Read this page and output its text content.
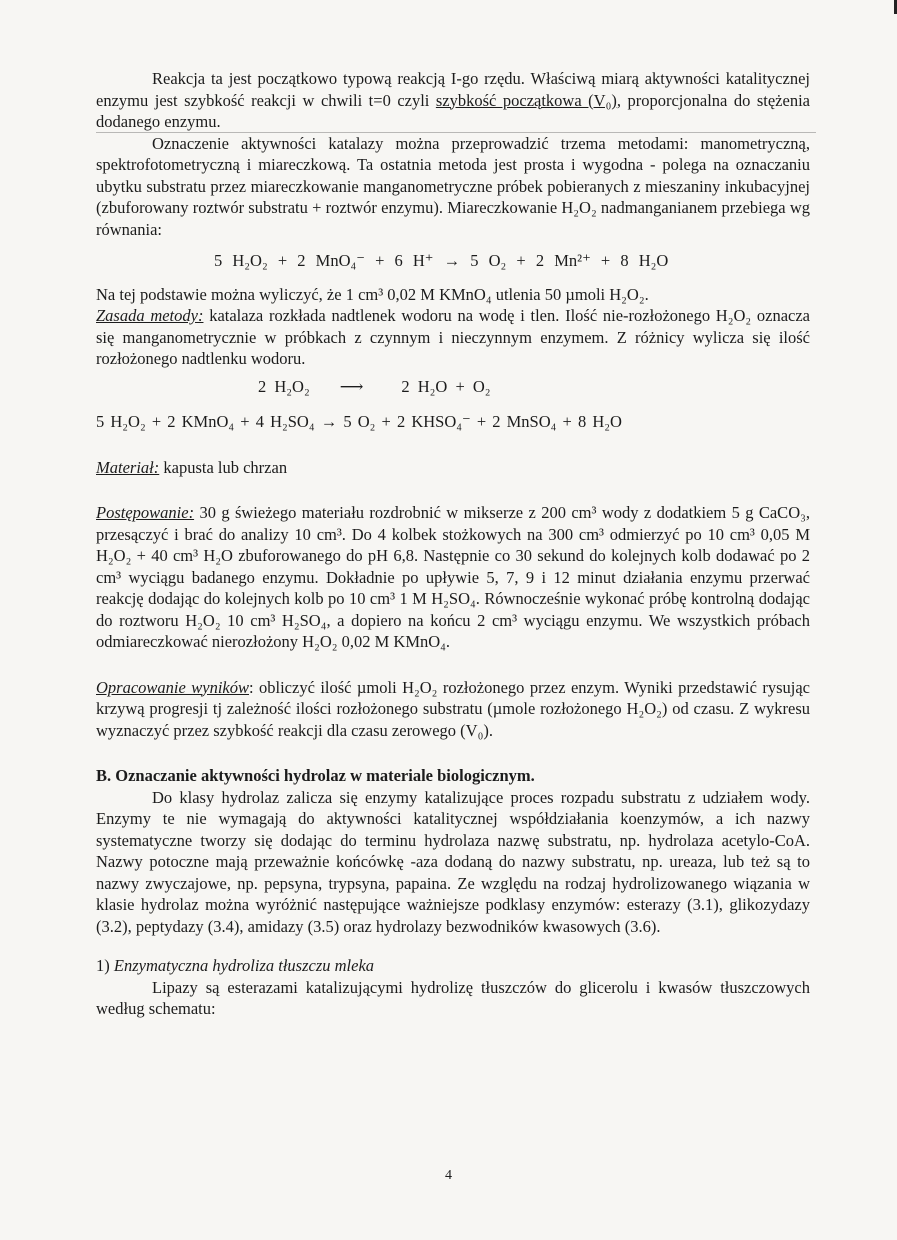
Reakcja ta jest początkowo typową reakcją I-go rzędu. Właściwą miarą aktywności katalitycznej enzymu jest szybkość reakcji w chwili t=0 czyli szybkość początkowa (V₀), proporcjonalna do stężenia dodanego enzymu.

Oznaczenie aktywności katalazy można przeprowadzić trzema metodami: manometryczną, spektrofotometryczną i miareczkową. Ta ostatnia metoda jest prosta i wygodna - polega na oznaczaniu ubytku substratu przez miareczkowanie manganometryczne próbek pobieranych z mieszaniny inkubacyjnej (zbuforowany roztwór substratu + roztwór enzymu). Miareczkowanie H₂O₂ nadmanganianem przebiega wg równania:

5 H₂O₂ + 2 MnO₄⁻ + 6 H⁺ → 5 O₂ + 2 Mn²⁺ + 8 H₂O

Na tej podstawie można wyliczyć, że 1 cm³ 0,02 M KMnO₄ utlenia 50 µmoli H₂O₂.

Zasada metody: katalaza rozkłada nadtlenek wodoru na wodę i tlen. Ilość nie-rozłożonego H₂O₂ oznacza się manganometrycznie w próbkach z czynnym i nieczynnym enzymem. Z różnicy wylicza się ilość rozłożonego nadtlenku wodoru.

2 H₂O₂ ⟶ 2 H₂O + O₂
5 H₂O₂ + 2 KMnO₄ + 4 H₂SO₄ → 5 O₂ + 2 KHSO₄⁻ + 2 MnSO₄ + 8 H₂O

Materiał: kapusta lub chrzan

Postępowanie: 30 g świeżego materiału rozdrobnić w mikserze z 200 cm³ wody z dodatkiem 5 g CaCO₃, przesączyć i brać do analizy 10 cm³. Do 4 kolbek stożkowych na 300 cm³ odmierzyć po 10 cm³ 0,05 M H₂O₂ + 40 cm³ H₂O zbuforowanego do pH 6,8. Następnie co 30 sekund do kolejnych kolb dodawać po 2 cm³ wyciągu badanego enzymu. Dokładnie po upływie 5, 7, 9 i 12 minut działania enzymu przerwać reakcję dodając do kolejnych kolb po 10 cm³ 1 M H₂SO₄. Równocześnie wykonać próbę kontrolną dodając do roztworu H₂O₂ 10 cm³ H₂SO₄, a dopiero na końcu 2 cm³ wyciągu enzymu. We wszystkich próbach odmiareczkować nierozłożony H₂O₂ 0,02 M KMnO₄.

Opracowanie wyników: obliczyć ilość µmoli H₂O₂ rozłożonego przez enzym. Wyniki przedstawić rysując krzywą progresji tj zależność ilości rozłożonego substratu (µmole rozłożonego H₂O₂) od czasu. Z wykresu wyznaczyć przez szybkość reakcji dla czasu zerowego (V₀).

B. Oznaczanie aktywności hydrolaz w materiale biologicznym.

Do klasy hydrolaz zalicza się enzymy katalizujące proces rozpadu substratu z udziałem wody. Enzymy te nie wymagają do aktywności katalitycznej współdziałania koenzymów, a ich nazwy systematyczne tworzy się dodając do terminu hydrolaza nazwę substratu, np. hydrolaza acetylo-CoA. Nazwy potoczne mają przeważnie końcówkę -aza dodaną do nazwy substratu, np. ureaza, lub też są to nazwy zwyczajowe, np. pepsyna, trypsyna, papaina. Ze względu na rodzaj hydrolizowanego wiązania w klasie hydrolaz można wyróżnić następujące ważniejsze podklasy enzymów: esterazy (3.1), glikozydazy (3.2), peptydazy (3.4), amidazy (3.5) oraz hydrolazy bezwodników kwasowych (3.6).

1) Enzymatyczna hydroliza tłuszczu mleka

Lipazy są esterazami katalizującymi hydrolizę tłuszczów do glicerolu i kwasów tłuszczowych według schematu:

4
